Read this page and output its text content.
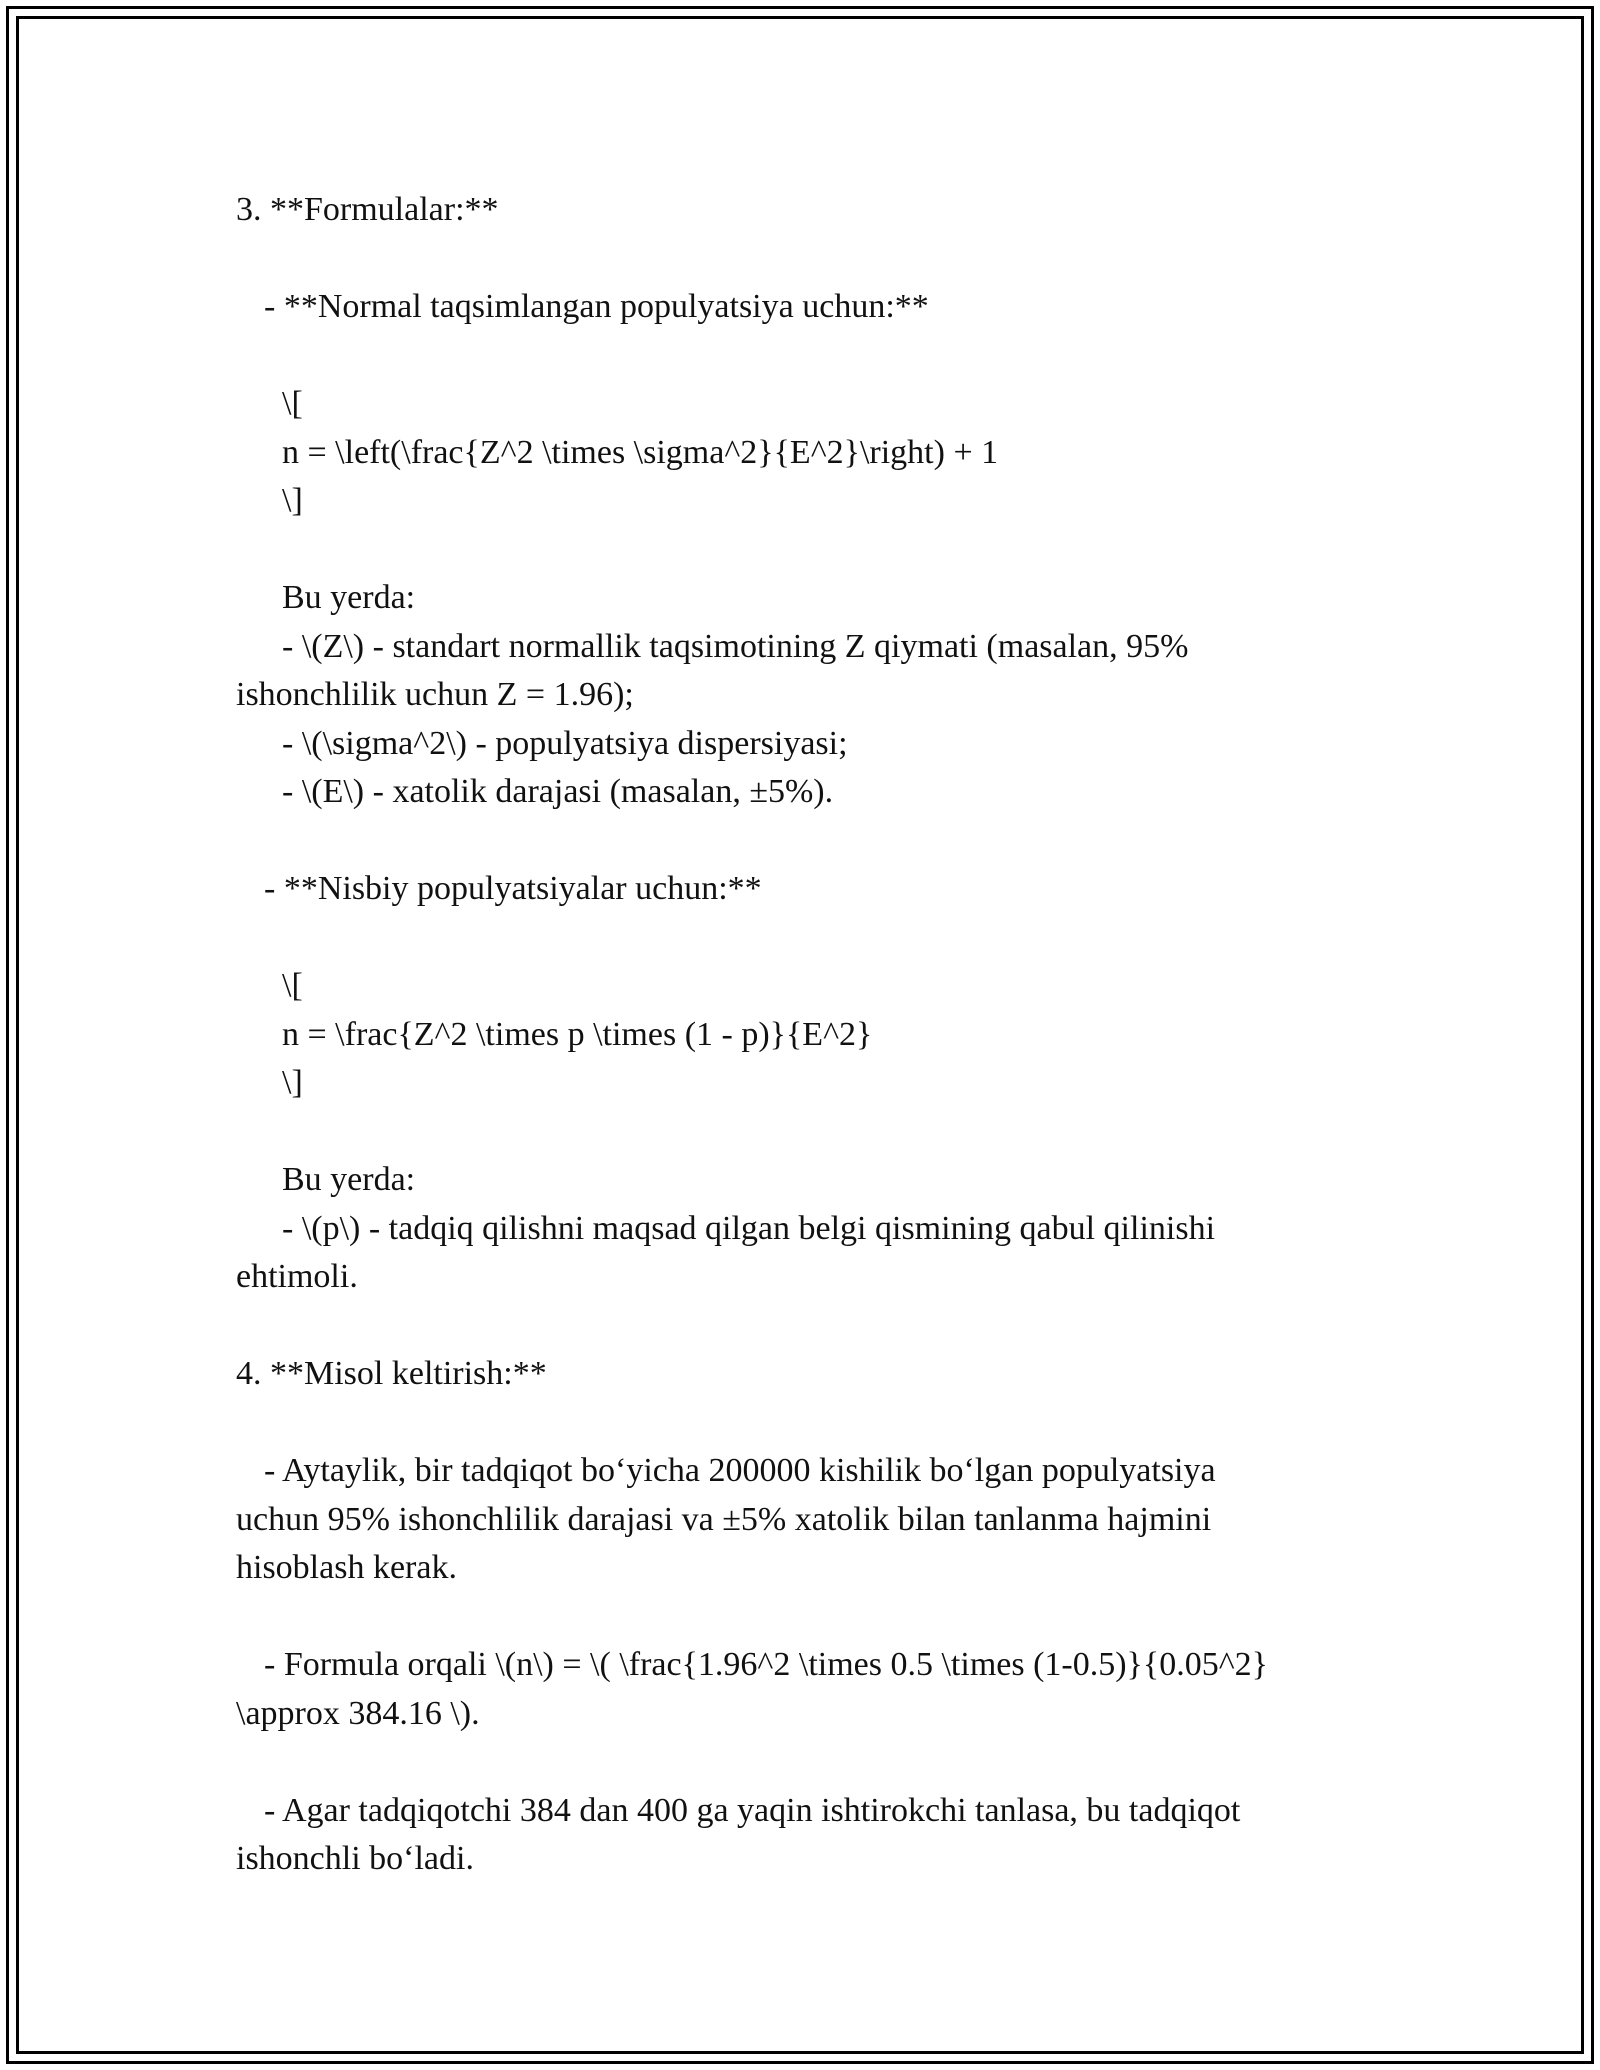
3. **Formulalar:**

- **Normal taqsimlangan populyatsiya uchun:**

\[

n = \left(\frac{Z^2 \times \sigma^2}{E^2}\right) + 1

\]

Bu yerda:

- \(Z\) - standart normallik taqsimotining Z qiymati (masalan, 95%

ishonchlilik uchun Z = 1.96);

- \(\sigma^2\) - populyatsiya dispersiyasi;

- \(E\) - xatolik darajasi (masalan, ±5%).

- **Nisbiy populyatsiyalar uchun:**

\[

n = \frac{Z^2 \times p \times (1 - p)}{E^2}

\]

Bu yerda:

- \(p\) - tadqiq qilishni maqsad qilgan belgi qismining qabul qilinishi

ehtimoli.

4. **Misol keltirish:**

- Aytaylik, bir tadqiqot bo‘yicha 200000 kishilik bo‘lgan populyatsiya

uchun 95% ishonchlilik darajasi va ±5% xatolik bilan tanlanma hajmini

hisoblash kerak.

- Formula orqali \(n\) = \( \frac{1.96^2 \times 0.5 \times (1-0.5)}{0.05^2}

\approx 384.16 \).

- Agar tadqiqotchi 384 dan 400 ga yaqin ishtirokchi tanlasa, bu tadqiqot

ishonchli bo‘ladi.
